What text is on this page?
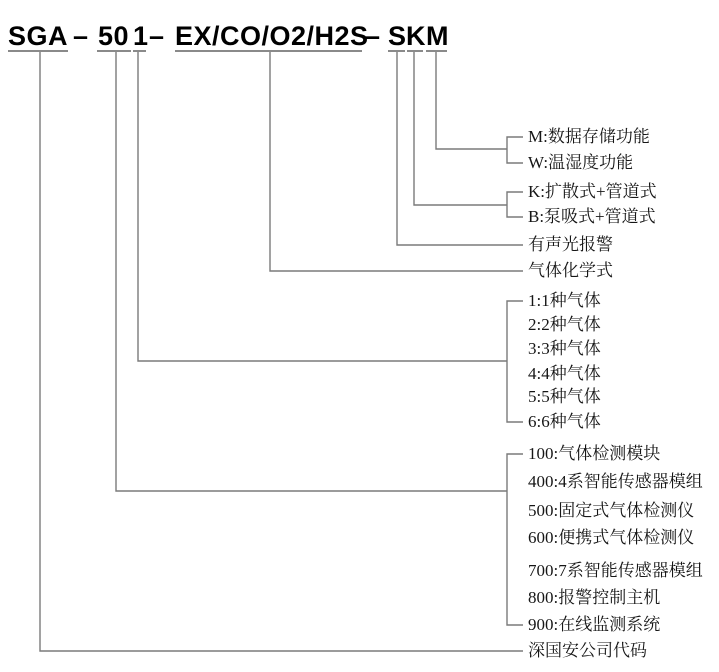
SGA – 50 1 – EX/CO/O2/H2S
– S K M
M:数据存储功能
W:温湿度功能
K:扩散式+管道式
B:泵吸式+管道式
有声光报警
气体化学式
1:1种气体
2:2种气体
3:3种气体
4:4种气体
5:5种气体
6:6种气体
100:气体检测模块
400:4系智能传感器模组
500:固定式气体检测仪
600:便携式气体检测仪
700:7系智能传感器模组
800:报警控制主机
900:在线监测系统
深国安公司代码
